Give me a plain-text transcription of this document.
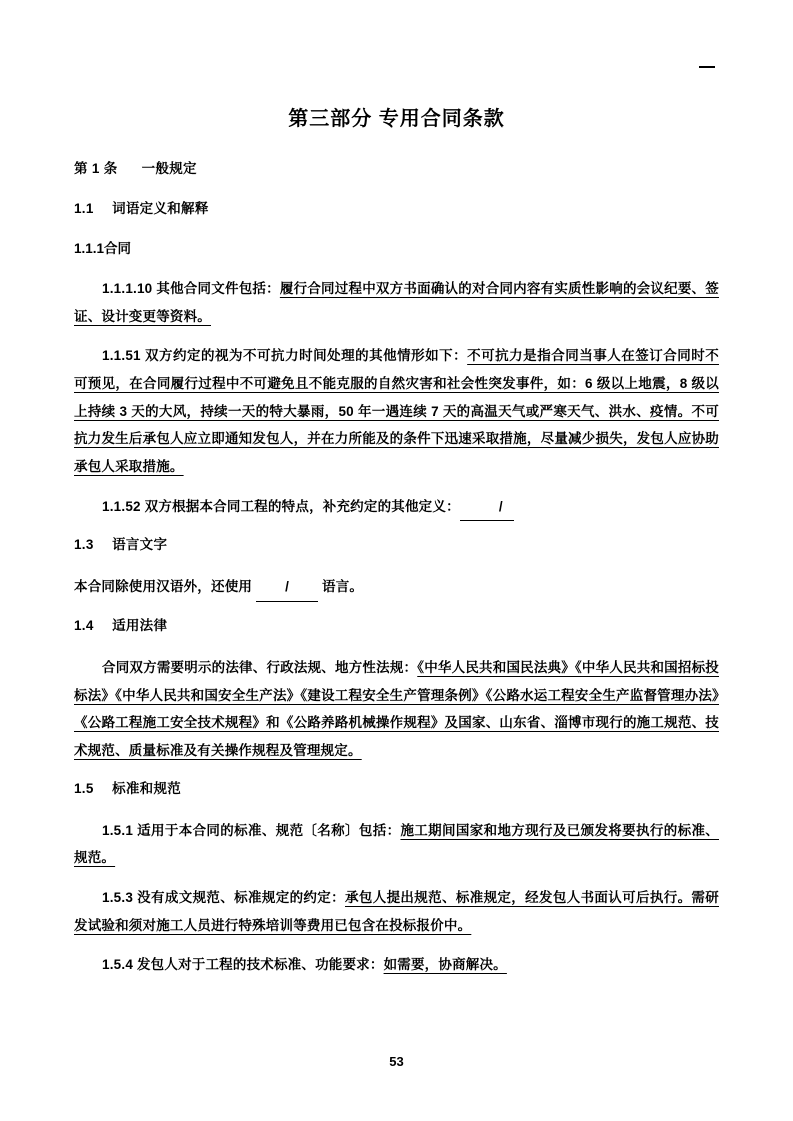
第三部分 专用合同条款
第 1 条 一般规定
1.1 词语定义和解释
1.1.1合同

1.1.1.10 其他合同文件包括：履行合同过程中双方书面确认的对合同内容有实质性影响的会议纪要、签证、设计变更等资料。

1.1.51 双方约定的视为不可抗力时间处理的其他情形如下：不可抗力是指合同当事人在签订合同时不可预见，在合同履行过程中不可避免且不能克服的自然灾害和社会性突发事件，如：6 级以上地震，8 级以上持续 3 天的大风，持续一天的特大暴雨，50 年一遇连续 7 天的高温天气或严寒天气、洪水、疫情。不可抗力发生后承包人应立即通知发包人，并在力所能及的条件下迅速采取措施，尽量减少损失，发包人应协助承包人采取措施。

1.1.52 双方根据本合同工程的特点，补充约定的其他定义：	/

1.3 语言文字

本合同除使用汉语外，还使用 / 语言。

1.4 适用法律

合同双方需要明示的法律、行政法规、地方性法规：《中华人民共和国民法典》《中华人民共和国招标投标法》《中华人民共和国安全生产法》《建设工程安全生产管理条例》《公路水运工程安全生产监督管理办法》《公路工程施工安全技术规程》和《公路养路机械操作规程》及国家、山东省、淄博市现行的施工规范、技术规范、质量标准及有关操作规程及管理规定。

1.5 标准和规范

1.5.1 适用于本合同的标准、规范〔名称〕包括：施工期间国家和地方现行及已颁发将要执行的标准、规范。

1.5.3 没有成文规范、标准规定的约定：承包人提出规范、标准规定，经发包人书面认可后执行。需研发试验和须对施工人员进行特殊培训等费用已包含在投标报价中。

1.5.4 发包人对于工程的技术标准、功能要求：如需要，协商解决。

53
